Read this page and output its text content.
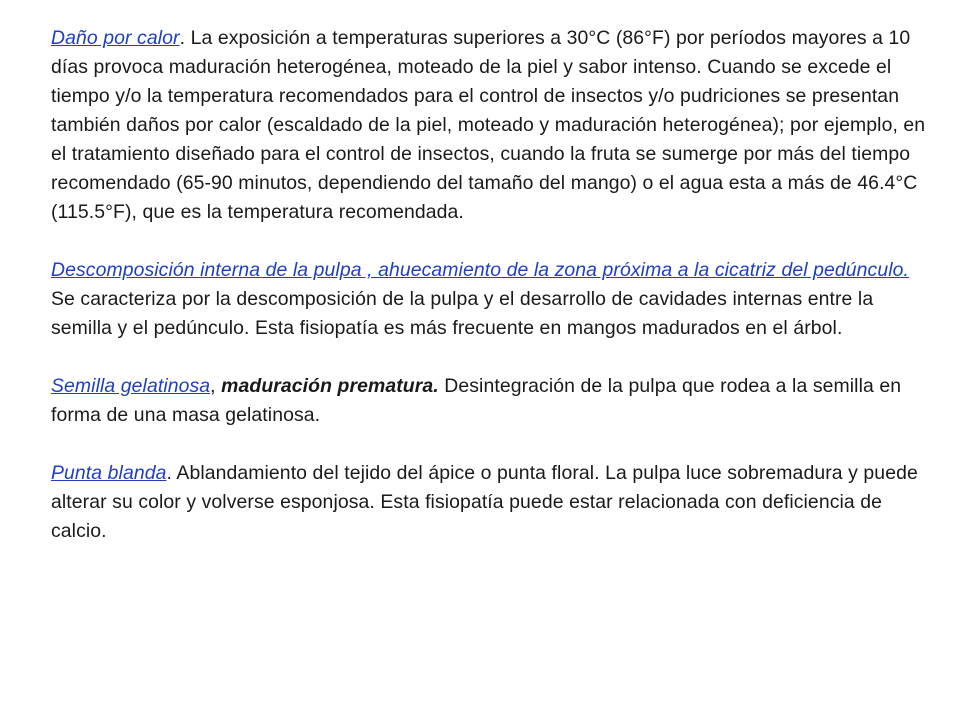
Daño por calor. La exposición a temperaturas superiores a 30°C (86°F) por períodos mayores a 10 días provoca maduración heterogénea, moteado de la piel y sabor intenso. Cuando se excede el tiempo y/o la temperatura recomendados para el control de insectos y/o pudriciones se presentan también daños por calor (escaldado de la piel, moteado y maduración heterogénea); por ejemplo, en el tratamiento diseñado para el control de insectos, cuando la fruta se sumerge por más del tiempo recomendado (65-90 minutos, dependiendo del tamaño del mango) o el agua esta a más de 46.4°C (115.5°F), que es la temperatura recomendada.

Descomposición interna de la pulpa , ahuecamiento de la zona próxima a la cicatriz del pedúnculo. Se caracteriza por la descomposición de la pulpa y el desarrollo de cavidades internas entre la semilla y el pedúnculo. Esta fisiopatía es más frecuente en mangos madurados en el árbol.

Semilla gelatinosa, maduración prematura. Desintegración de la pulpa que rodea a la semilla en forma de una masa gelatinosa.

Punta blanda. Ablandamiento del tejido del ápice o punta floral. La pulpa luce sobremadura y puede alterar su color y volverse esponjosa. Esta fisiopatía puede estar relacionada con deficiencia de calcio.
